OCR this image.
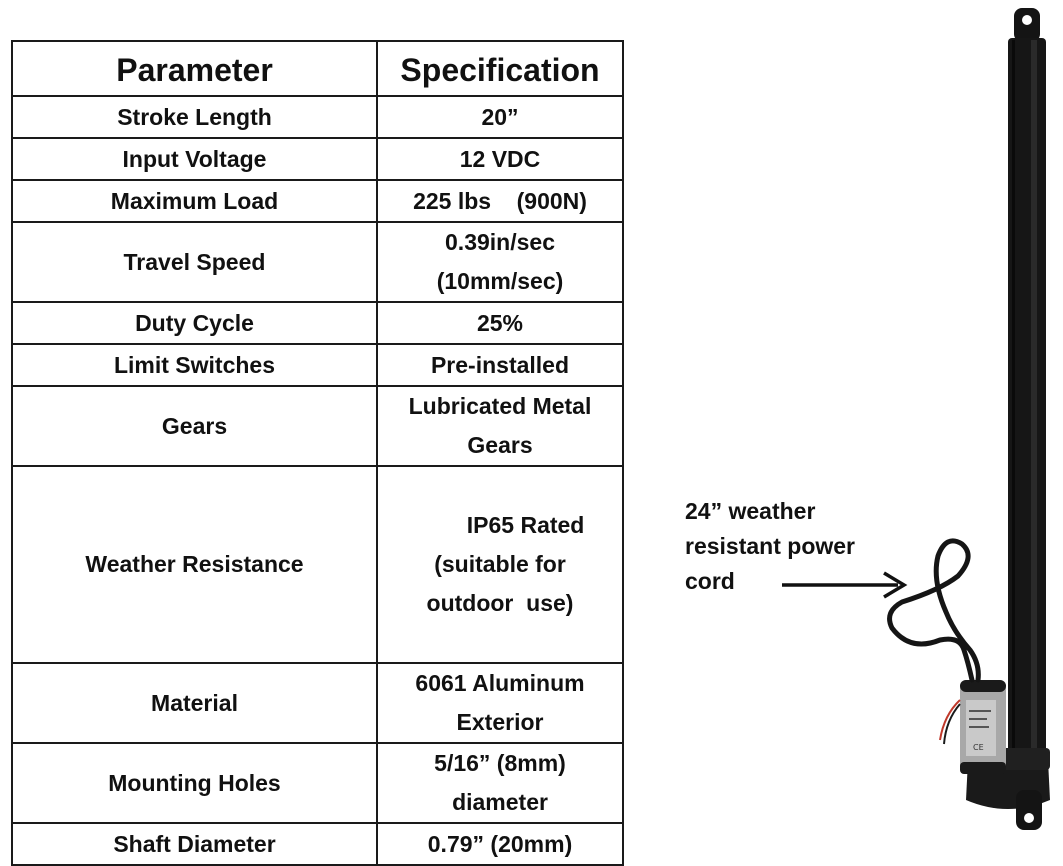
Parameter	Specification
Stroke Length	20”
Input Voltage	12 VDC
Maximum Load	225 lbs    (900N)
Travel Speed	0.39in/sec
(10mm/sec)
Duty Cycle	25%
Limit Switches	Pre-installed
Gears	Lubricated Metal
Gears
Weather Resistance	IP65 Rated
(suitable for
outdoor  use)

Material	6061 Aluminum
Exterior
Mounting Holes	5/16” (8mm)
diameter
Shaft Diameter	0.79” (20mm)
24” weather
resistant power
cord
CE
